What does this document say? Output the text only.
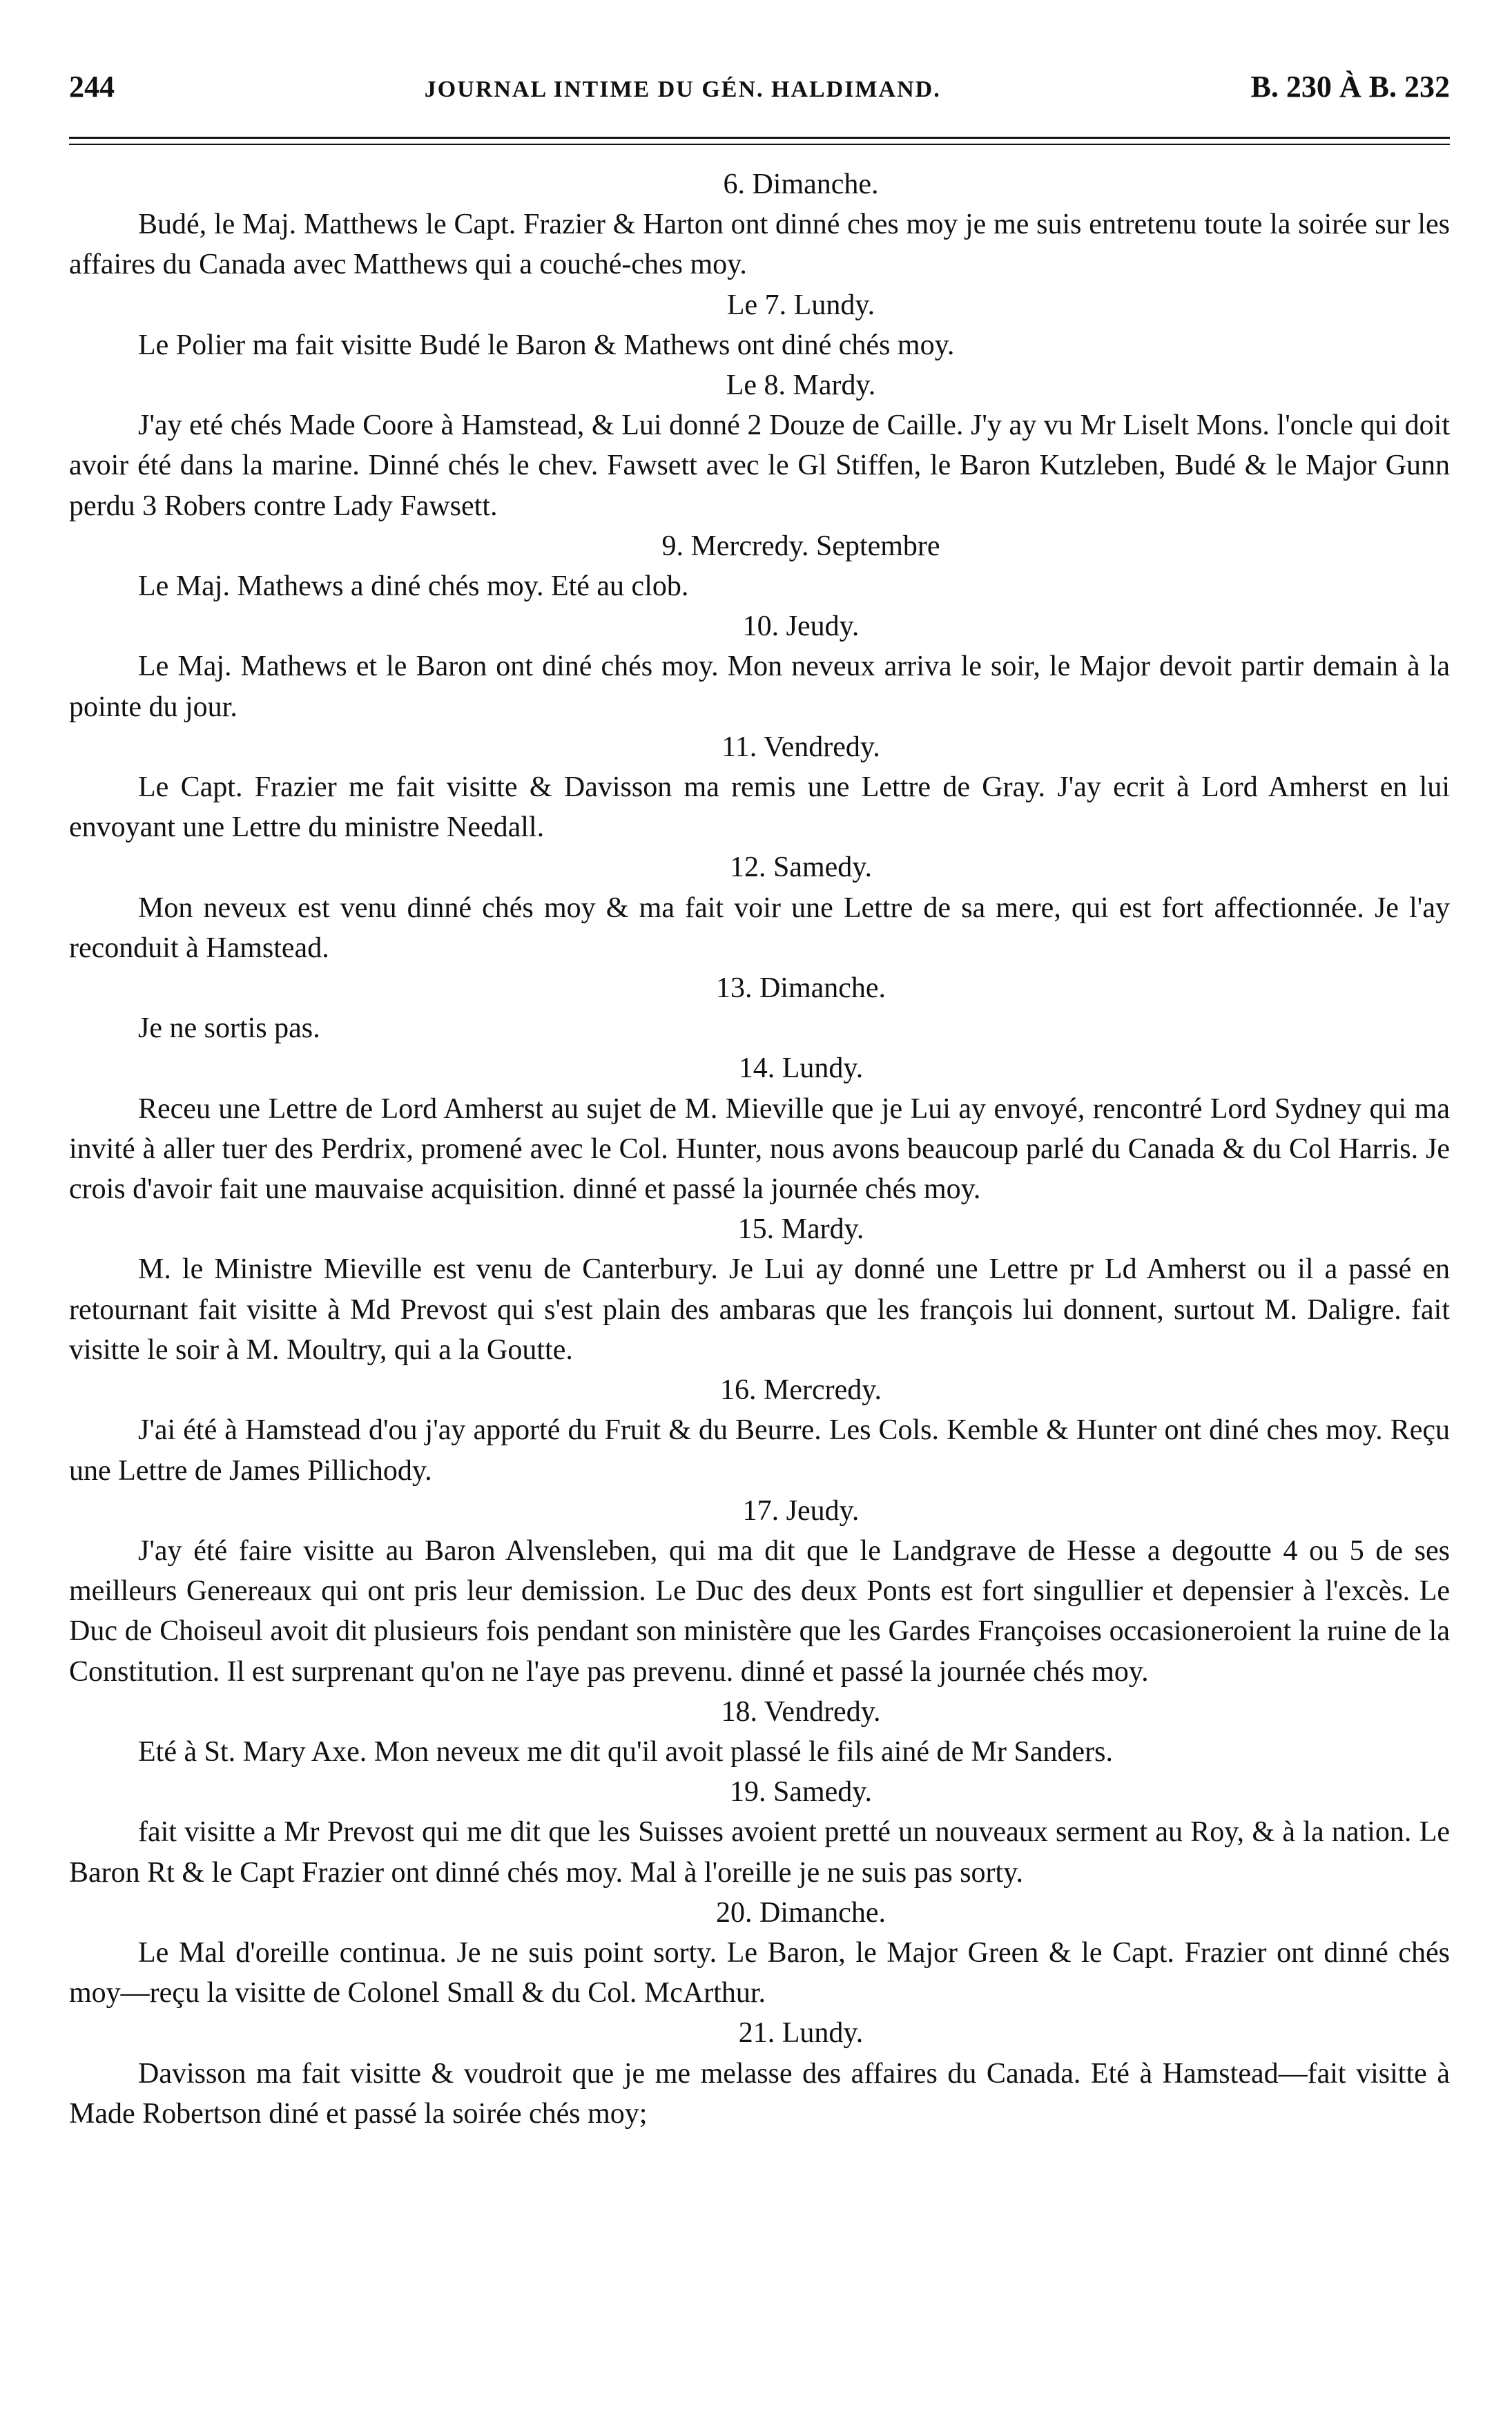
244	JOURNAL INTIME DU GÉN. HALDIMAND.	B. 230 À B. 232
6. Dimanche.

Budé, le Maj. Matthews le Capt. Frazier & Harton ont dinné ches moy je me suis entretenu toute la soirée sur les affaires du Canada avec Matthews qui a couché-ches moy.

Le 7. Lundy.

Le Polier ma fait visitte Budé le Baron & Mathews ont diné chés moy.

Le 8. Mardy.

J'ay eté chés Made Coore à Hamstead, & Lui donné 2 Douze de Caille. J'y ay vu Mr Liselt Mons. l'oncle qui doit avoir été dans la marine. Dinné chés le chev. Fawsett avec le Gl Stiffen, le Baron Kutzleben, Budé & le Major Gunn perdu 3 Robers contre Lady Fawsett.

9. Mercredy. Septembre

Le Maj. Mathews a diné chés moy. Eté au clob.

10. Jeudy.

Le Maj. Mathews et le Baron ont diné chés moy. Mon neveux arriva le soir, le Major devoit partir demain à la pointe du jour.

11. Vendredy.

Le Capt. Frazier me fait visitte & Davisson ma remis une Lettre de Gray. J'ay ecrit à Lord Amherst en lui envoyant une Lettre du ministre Needall.

12. Samedy.

Mon neveux est venu dinné chés moy & ma fait voir une Lettre de sa mere, qui est fort affectionnée. Je l'ay reconduit à Hamstead.

13. Dimanche.

Je ne sortis pas.

14. Lundy.

Receu une Lettre de Lord Amherst au sujet de M. Mieville que je Lui ay envoyé, rencontré Lord Sydney qui ma invité à aller tuer des Perdrix, promené avec le Col. Hunter, nous avons beaucoup parlé du Canada & du Col Harris. Je crois d'avoir fait une mauvaise acquisition. dinné et passé la journée chés moy.

15. Mardy.

M. le Ministre Mieville est venu de Canterbury. Je Lui ay donné une Lettre pr Ld Amherst ou il a passé en retournant fait visitte à Md Prevost qui s'est plain des ambaras que les françois lui donnent, surtout M. Daligre. fait visitte le soir à M. Moultry, qui a la Goutte.

16. Mercredy.

J'ai été à Hamstead d'ou j'ay apporté du Fruit & du Beurre. Les Cols. Kemble & Hunter ont diné ches moy. Reçu une Lettre de James Pillichody.

17. Jeudy.

J'ay été faire visitte au Baron Alvensleben, qui ma dit que le Landgrave de Hesse a degoutte 4 ou 5 de ses meilleurs Genereaux qui ont pris leur demission. Le Duc des deux Ponts est fort singullier et depensier à l'excès. Le Duc de Choiseul avoit dit plusieurs fois pendant son ministère que les Gardes Françoises occasioneroient la ruine de la Constitution. Il est surprenant qu'on ne l'aye pas prevenu. dinné et passé la journée chés moy.

18. Vendredy.

Eté à St. Mary Axe. Mon neveux me dit qu'il avoit plassé le fils ainé de Mr Sanders.

19. Samedy.

fait visitte a Mr Prevost qui me dit que les Suisses avoient pretté un nouveaux serment au Roy, & à la nation. Le Baron Rt & le Capt Frazier ont dinné chés moy. Mal à l'oreille je ne suis pas sorty.

20. Dimanche.

Le Mal d'oreille continua. Je ne suis point sorty. Le Baron, le Major Green & le Capt. Frazier ont dinné chés moy—reçu la visitte de Colonel Small & du Col. McArthur.

21. Lundy.

Davisson ma fait visitte & voudroit que je me melasse des affaires du Canada. Eté à Hamstead—fait visitte à Made Robertson diné et passé la soirée chés moy;
